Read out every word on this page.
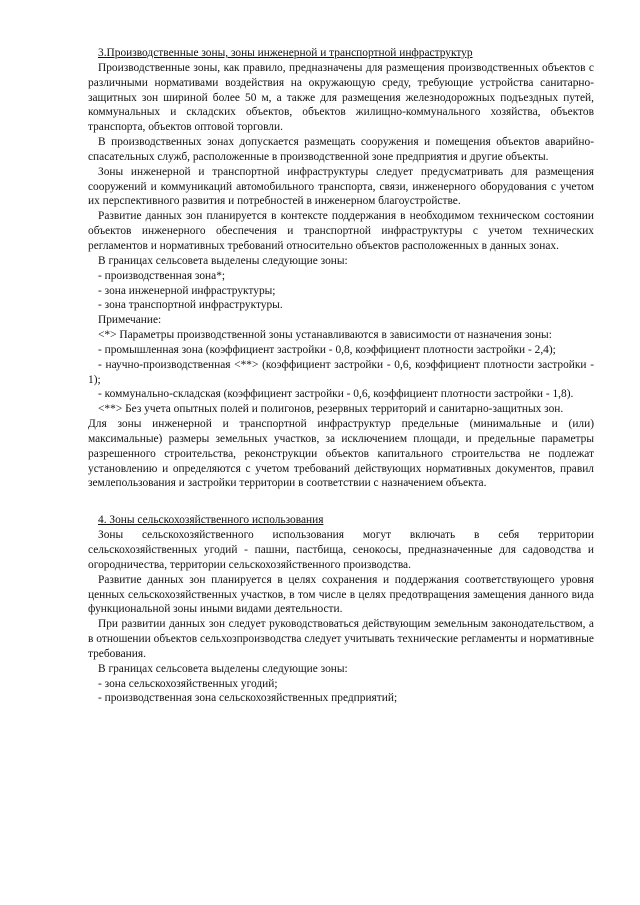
3.Производственные зоны, зоны инженерной и транспортной инфраструктур

Производственные зоны, как правило, предназначены для размещения производственных объектов с различными нормативами воздействия на окружающую среду, требующие устройства санитарно-защитных зон шириной более 50 м, а также для размещения железнодорожных подъездных путей, коммунальных и складских объектов, объектов жилищно-коммунального хозяйства, объектов транспорта, объектов оптовой торговли.

В производственных зонах допускается размещать сооружения и помещения объектов аварийно-спасательных служб, расположенные в производственной зоне предприятия и другие объекты.

Зоны инженерной и транспортной инфраструктуры следует предусматривать для размещения сооружений и коммуникаций автомобильного транспорта, связи, инженерного оборудования с учетом их перспективного развития и потребностей в инженерном благоустройстве.

Развитие данных зон планируется в контексте поддержания в необходимом техническом состоянии объектов инженерного обеспечения и транспортной инфраструктуры с учетом технических регламентов и нормативных требований относительно объектов расположенных в данных зонах.

В границах сельсовета выделены следующие зоны:

- производственная зона*;

- зона инженерной инфраструктуры;

- зона транспортной инфраструктуры.

Примечание:

<*> Параметры производственной зоны устанавливаются в зависимости от назначения зоны:

- промышленная зона (коэффициент застройки - 0,8, коэффициент плотности застройки - 2,4);

- научно-производственная <**> (коэффициент застройки - 0,6, коэффициент плотности застройки - 1);

- коммунально-складская (коэффициент застройки - 0,6, коэффициент плотности застройки - 1,8).

<**> Без учета опытных полей и полигонов, резервных территорий и санитарно-защитных зон.

Для зоны инженерной и транспортной инфраструктур предельные (минимальные и (или) максимальные) размеры земельных участков, за исключением площади, и предельные параметры разрешенного строительства, реконструкции объектов капитального строительства не подлежат установлению и определяются с учетом требований действующих нормативных документов, правил землепользования и застройки территории в соответствии с назначением объекта.

4. Зоны сельскохозяйственного использования

Зоны сельскохозяйственного использования могут включать в себя территории сельскохозяйственных угодий - пашни, пастбища, сенокосы, предназначенные для садоводства и огородничества, территории сельскохозяйственного производства.

Развитие данных зон планируется в целях сохранения и поддержания соответствующего уровня ценных сельскохозяйственных участков, в том числе в целях предотвращения замещения данного вида функциональной зоны иными видами деятельности.

При развитии данных зон следует руководствоваться действующим земельным законодательством, а в отношении объектов сельхозпроизводства следует учитывать технические регламенты и нормативные требования.

В границах сельсовета выделены следующие зоны:

- зона сельскохозяйственных угодий;

- производственная зона сельскохозяйственных предприятий;
